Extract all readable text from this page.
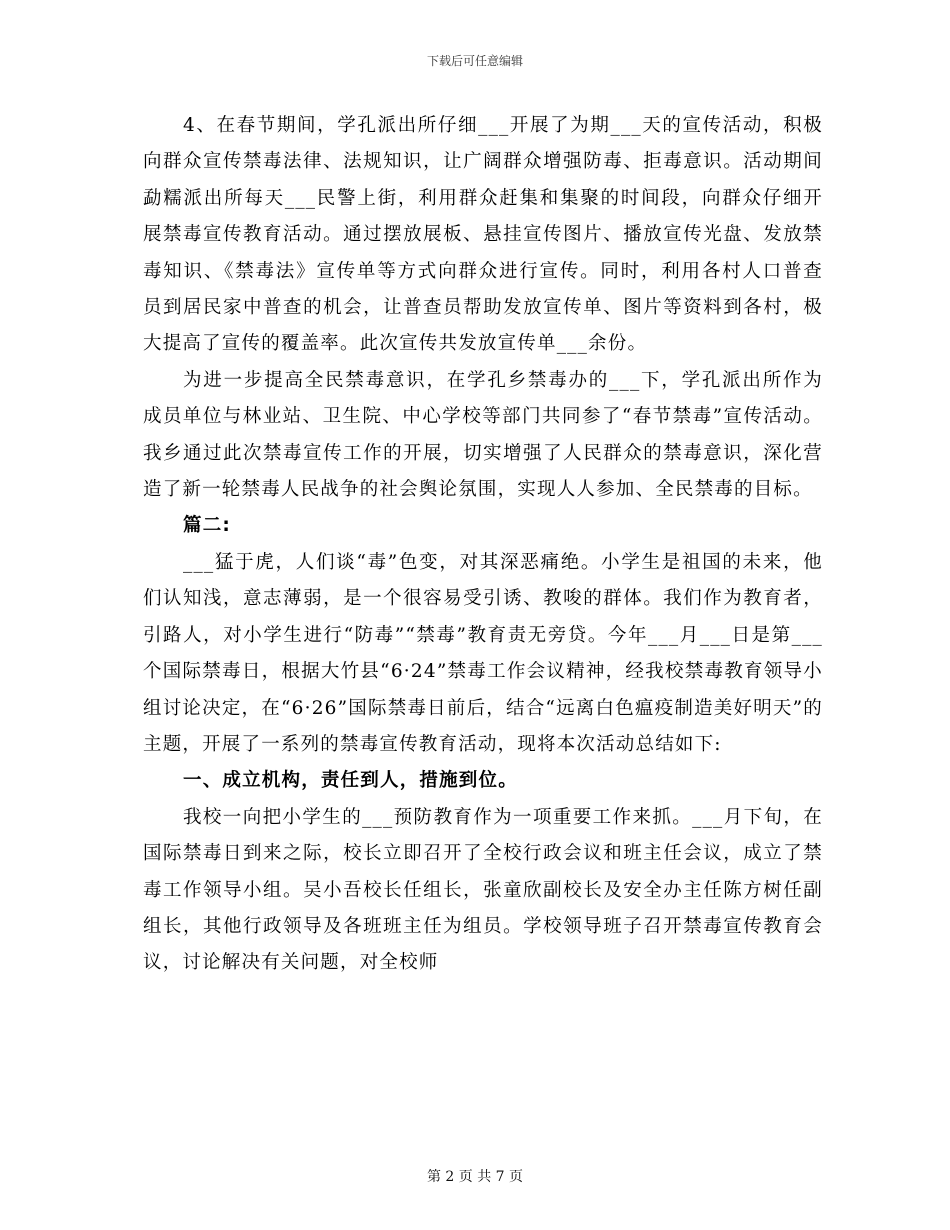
下载后可任意编辑

4、在春节期间，学孔派出所仔细___开展了为期___天的宣传活动，积极向群众宣传禁毒法律、法规知识，让广阔群众增强防毒、拒毒意识。活动期间勐糯派出所每天___民警上街，利用群众赶集和集聚的时间段，向群众仔细开展禁毒宣传教育活动。通过摆放展板、悬挂宣传图片、播放宣传光盘、发放禁毒知识、《禁毒法》宣传单等方式向群众进行宣传。同时，利用各村人口普查员到居民家中普查的机会，让普查员帮助发放宣传单、图片等资料到各村，极大提高了宣传的覆盖率。此次宣传共发放宣传单___余份。

为进一步提高全民禁毒意识，在学孔乡禁毒办的___下，学孔派出所作为成员单位与林业站、卫生院、中心学校等部门共同参了“春节禁毒”宣传活动。我乡通过此次禁毒宣传工作的开展，切实增强了人民群众的禁毒意识，深化营造了新一轮禁毒人民战争的社会舆论氛围，实现人人参加、全民禁毒的目标。

篇二:

___猛于虎，人们谈“毒”色变，对其深恶痛绝。小学生是祖国的未来，他们认知浅，意志薄弱，是一个很容易受引诱、教唆的群体。我们作为教育者，引路人，对小学生进行“防毒”“禁毒”教育责无旁贷。今年___月___日是第___个国际禁毒日，根据大竹县“6·24”禁毒工作会议精神，经我校禁毒教育领导小组讨论决定，在“6·26”国际禁毒日前后，结合“远离白色瘟疫制造美好明天”的主题，开展了一系列的禁毒宣传教育活动，现将本次活动总结如下:

一、成立机构，责任到人，措施到位。

我校一向把小学生的___预防教育作为一项重要工作来抓。___月下旬，在国际禁毒日到来之际，校长立即召开了全校行政会议和班主任会议，成立了禁毒工作领导小组。吴小吾校长任组长，张童欣副校长及安全办主任陈方树任副组长，其他行政领导及各班班主任为组员。学校领导班子召开禁毒宣传教育会议，讨论解决有关问题，对全校师

第 2 页 共 7 页
